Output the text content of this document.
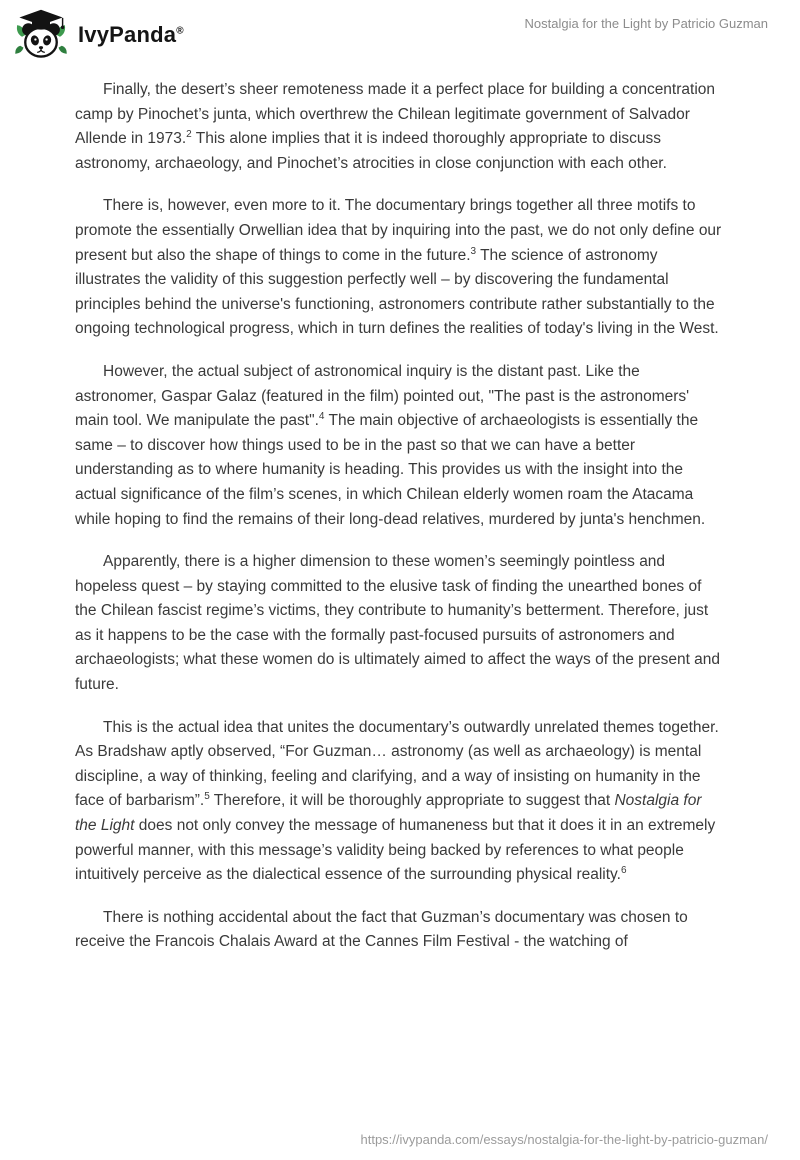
IvyPanda®
Nostalgia for the Light by Patricio Guzman

Finally, the desert’s sheer remoteness made it a perfect place for building a concentration camp by Pinochet’s junta, which overthrew the Chilean legitimate government of Salvador Allende in 1973.$^2$ This alone implies that it is indeed thoroughly appropriate to discuss astronomy, archaeology, and Pinochet’s atrocities in close conjunction with each other.

There is, however, even more to it. The documentary brings together all three motifs to promote the essentially Orwellian idea that by inquiring into the past, we do not only define our present but also the shape of things to come in the future.$^3$ The science of astronomy illustrates the validity of this suggestion perfectly well – by discovering the fundamental principles behind the universe's functioning, astronomers contribute rather substantially to the ongoing technological progress, which in turn defines the realities of today's living in the West.

However, the actual subject of astronomical inquiry is the distant past. Like the astronomer, Gaspar Galaz (featured in the film) pointed out, "The past is the astronomers' main tool. We manipulate the past".$^4$ The main objective of archaeologists is essentially the same – to discover how things used to be in the past so that we can have a better understanding as to where humanity is heading. This provides us with the insight into the actual significance of the film’s scenes, in which Chilean elderly women roam the Atacama while hoping to find the remains of their long-dead relatives, murdered by junta's henchmen.

Apparently, there is a higher dimension to these women’s seemingly pointless and hopeless quest – by staying committed to the elusive task of finding the unearthed bones of the Chilean fascist regime’s victims, they contribute to humanity’s betterment. Therefore, just as it happens to be the case with the formally past-focused pursuits of astronomers and archaeologists; what these women do is ultimately aimed to affect the ways of the present and future.

This is the actual idea that unites the documentary’s outwardly unrelated themes together. As Bradshaw aptly observed, “For Guzman… astronomy (as well as archaeology) is mental discipline, a way of thinking, feeling and clarifying, and a way of insisting on humanity in the face of barbarism”.$^5$ Therefore, it will be thoroughly appropriate to suggest that Nostalgia for the Light does not only convey the message of humaneness but that it does it in an extremely powerful manner, with this message’s validity being backed by references to what people intuitively perceive as the dialectical essence of the surrounding physical reality.$^6$

There is nothing accidental about the fact that Guzman’s documentary was chosen to receive the Francois Chalais Award at the Cannes Film Festival - the watching of

https://ivypanda.com/essays/nostalgia-for-the-light-by-patricio-guzman/
